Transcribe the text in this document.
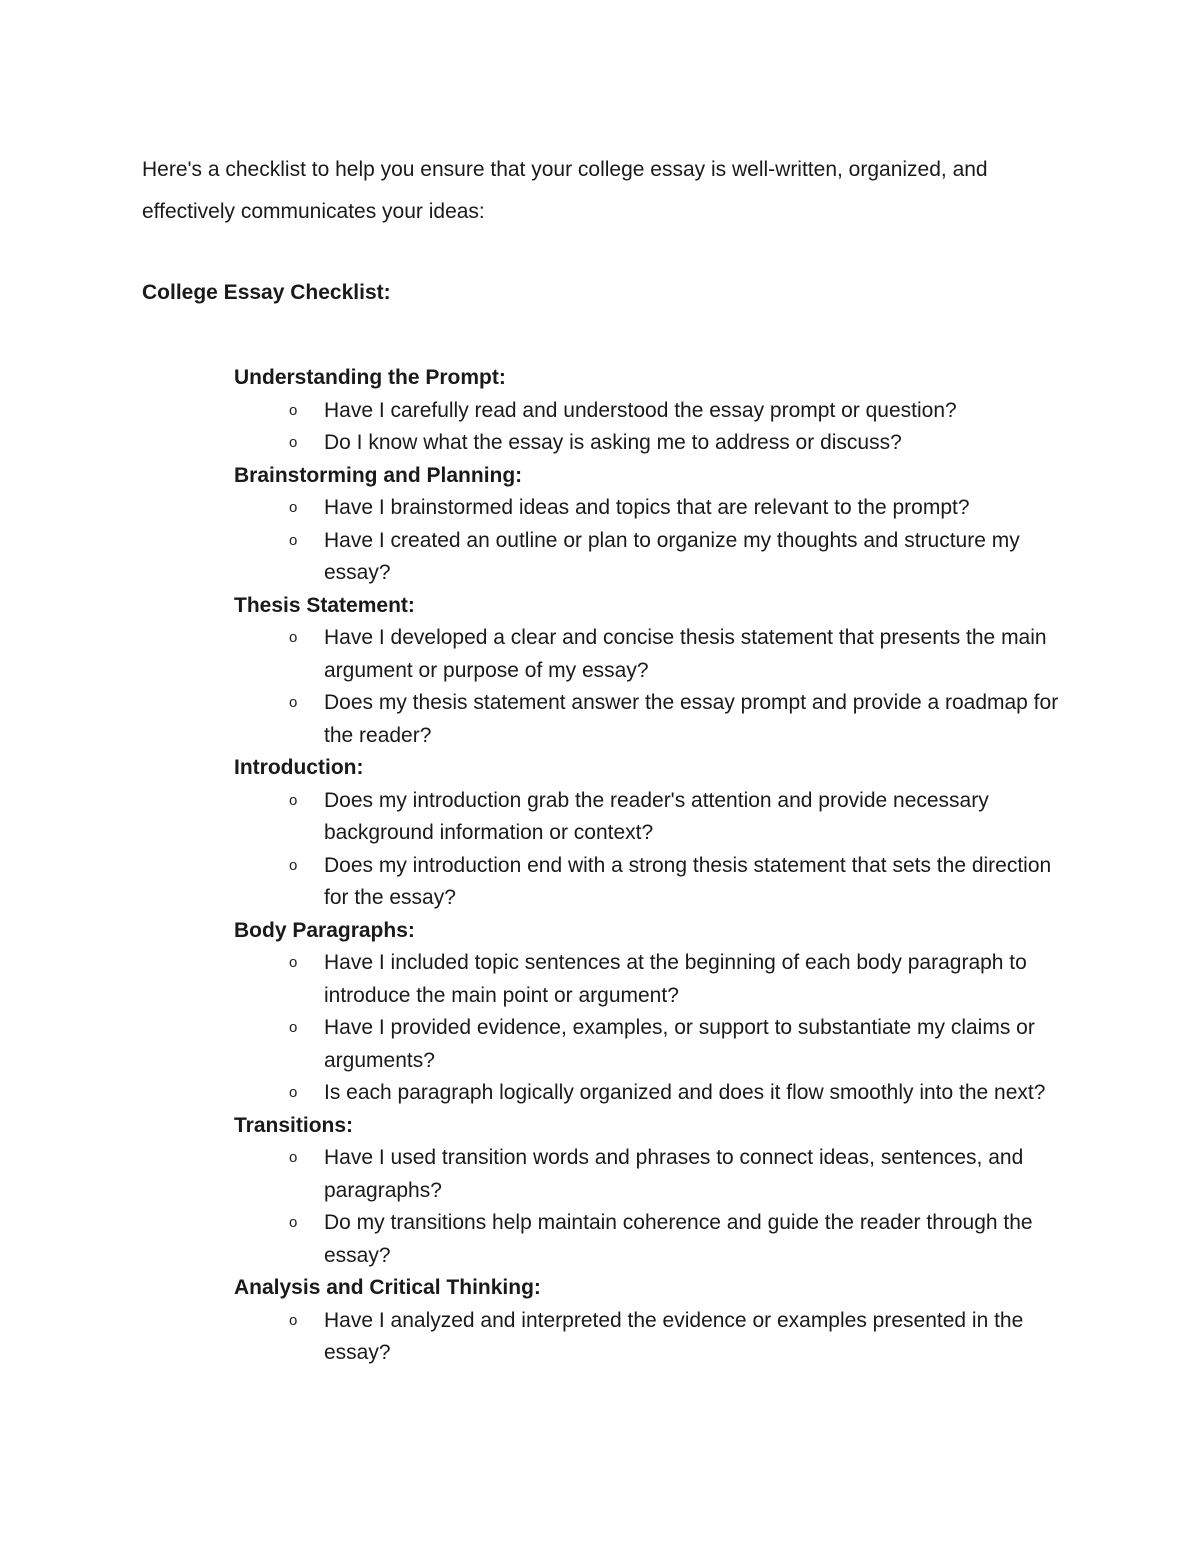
Here's a checklist to help you ensure that your college essay is well-written, organized, and effectively communicates your ideas:

College Essay Checklist:

Understanding the Prompt:

o Have I carefully read and understood the essay prompt or question?
o Do I know what the essay is asking me to address or discuss?

Brainstorming and Planning:

o Have I brainstormed ideas and topics that are relevant to the prompt?
o Have I created an outline or plan to organize my thoughts and structure my essay?

Thesis Statement:

o Have I developed a clear and concise thesis statement that presents the main argument or purpose of my essay?
o Does my thesis statement answer the essay prompt and provide a roadmap for the reader?

Introduction:

o Does my introduction grab the reader's attention and provide necessary background information or context?
o Does my introduction end with a strong thesis statement that sets the direction for the essay?

Body Paragraphs:

o Have I included topic sentences at the beginning of each body paragraph to introduce the main point or argument?
o Have I provided evidence, examples, or support to substantiate my claims or arguments?
o Is each paragraph logically organized and does it flow smoothly into the next?

Transitions:

o Have I used transition words and phrases to connect ideas, sentences, and paragraphs?
o Do my transitions help maintain coherence and guide the reader through the essay?

Analysis and Critical Thinking:

o Have I analyzed and interpreted the evidence or examples presented in the essay?
